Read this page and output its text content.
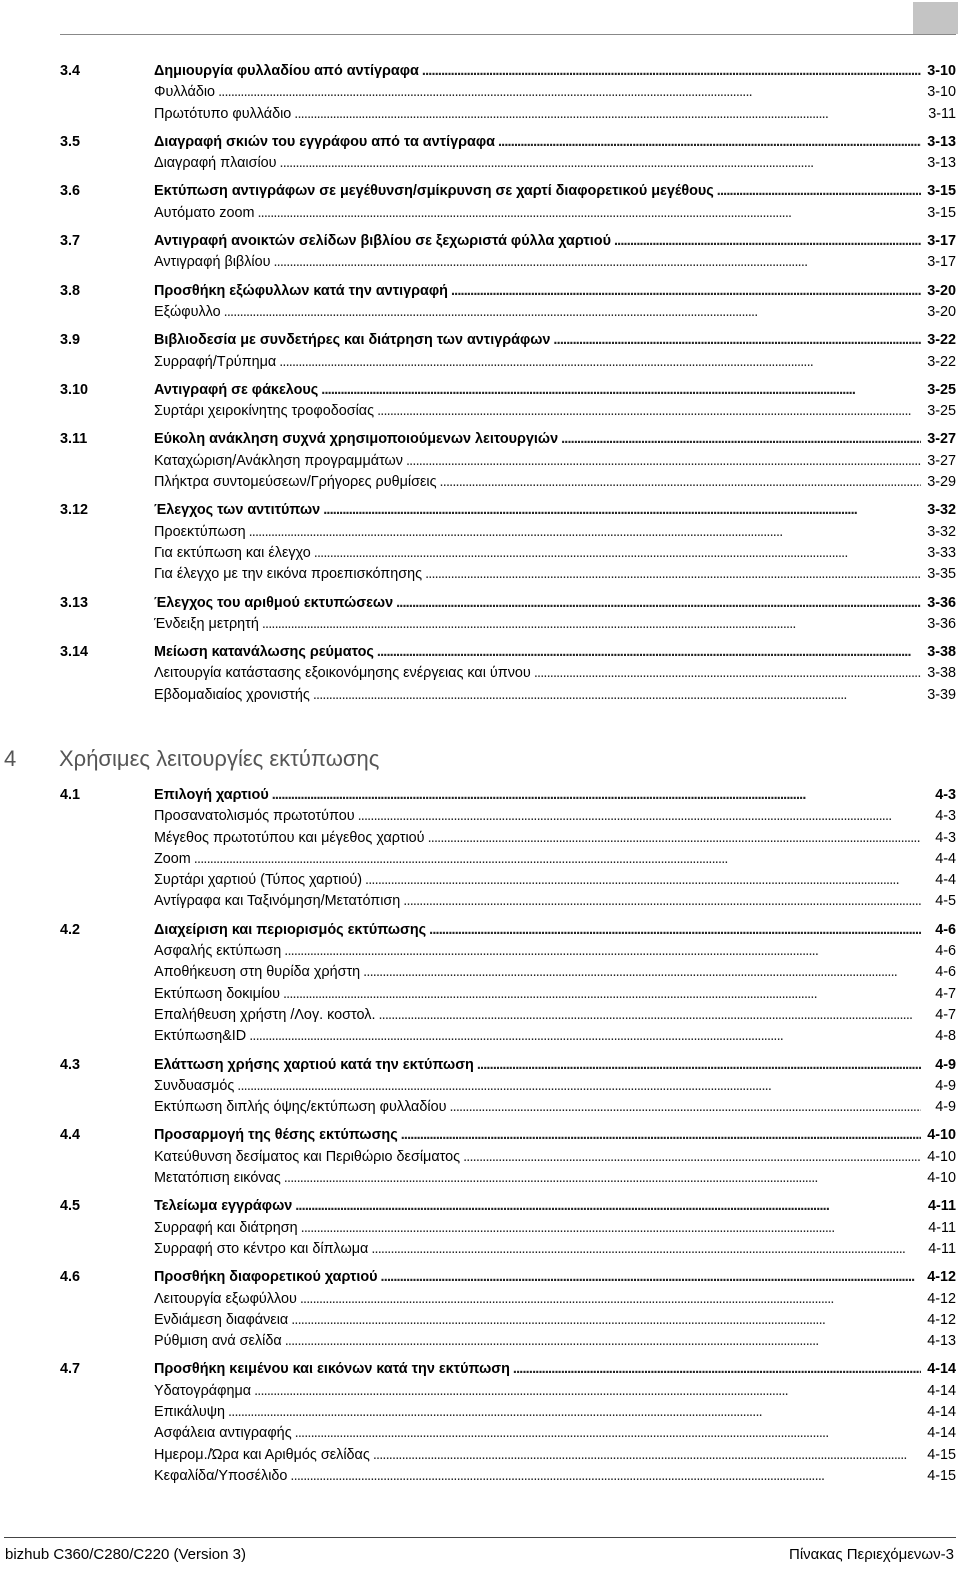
3.4	Δημιουργία φυλλαδίου από αντίγραφα . . .	3-10
Φυλλάδιο . . .	3-10
Πρωτότυπο φυλλάδιο . . .	3-11
3.5	Διαγραφή σκιών του εγγράφου από τα αντίγραφα . . .	3-13
Διαγραφή πλαισίου . . .	3-13
3.6	Εκτύπωση αντιγράφων σε μεγέθυνση/σμίκρυνση σε χαρτί διαφορετικού μεγέθους . . .	3-15
Αυτόματο zoom . . .	3-15
3.7	Αντιγραφή ανοικτών σελίδων βιβλίου σε ξεχωριστά φύλλα χαρτιού . . .	3-17
Αντιγραφή βιβλίου . . .	3-17
3.8	Προσθήκη εξώφυλλων κατά την αντιγραφή . . .	3-20
Εξώφυλλο . . .	3-20
3.9	Βιβλιοδεσία με συνδετήρες και διάτρηση των αντιγράφων . . .	3-22
Συρραφή/Τρύπημα . . .	3-22
3.10	Αντιγραφή σε φάκελους . . .	3-25
Συρτάρι χειροκίνητης τροφοδοσίας . . .	3-25
3.11	Εύκολη ανάκληση συχνά χρησιμοποιούμενων λειτουργιών . . .	3-27
Καταχώριση/Ανάκληση προγραμμάτων . . .	3-27
Πλήκτρα συντομεύσεων/Γρήγορες ρυθμίσεις . . .	3-29
3.12	Έλεγχος των αντιτύπων . . .	3-32
Προεκτύπωση . . .	3-32
Για εκτύπωση και έλεγχο . . .	3-33
Για έλεγχο με την εικόνα προεπισκόπησης . . .	3-35
3.13	Έλεγχος του αριθμού εκτυπώσεων . . .	3-36
Ένδειξη μετρητή . . .	3-36
3.14	Μείωση κατανάλωσης ρεύματος . . .	3-38
Λειτουργία κατάστασης εξοικονόμησης ενέργειας και ύπνου . . .	3-38
Εβδομαδιαίος χρονιστής . . .	3-39
4	Χρήσιμες λειτουργίες εκτύπωσης
4.1	Επιλογή χαρτιού . . .	4-3
Προσανατολισμός πρωτοτύπου . . .	4-3
Μέγεθος πρωτοτύπου και μέγεθος χαρτιού . . .	4-3
Zoom . . .	4-4
Συρτάρι χαρτιού (Τύπος χαρτιού) . . .	4-4
Αντίγραφα και Ταξινόμηση/Μετατόπιση . . .	4-5
4.2	Διαχείριση και περιορισμός εκτύπωσης . . .	4-6
Ασφαλής εκτύπωση . . .	4-6
Αποθήκευση στη θυρίδα χρήστη . . .	4-6
Εκτύπωση δοκιμίου . . .	4-7
Επαλήθευση χρήστη /Λογ. κοστολ. . . .	4-7
Εκτύπωση&ID . . .	4-8
4.3	Ελάττωση χρήσης χαρτιού κατά την εκτύπωση . . .	4-9
Συνδυασμός . . .	4-9
Εκτύπωση διπλής όψης/εκτύπωση φυλλαδίου . . .	4-9
4.4	Προσαρμογή της θέσης εκτύπωσης . . .	4-10
Κατεύθυνση δεσίματος και Περιθώριο δεσίματος . . .	4-10
Μετατόπιση εικόνας . . .	4-10
4.5	Τελείωμα εγγράφων . . .	4-11
Συρραφή και διάτρηση . . .	4-11
Συρραφή στο κέντρο και δίπλωμα . . .	4-11
4.6	Προσθήκη διαφορετικού χαρτιού . . .	4-12
Λειτουργία εξωφύλλου . . .	4-12
Ενδιάμεση διαφάνεια . . .	4-12
Ρύθμιση ανά σελίδα . . .	4-13
4.7	Προσθήκη κειμένου και εικόνων κατά την εκτύπωση . . .	4-14
Υδατογράφημα . . .	4-14
Επικάλυψη . . .	4-14
Ασφάλεια αντιγραφής . . .	4-14
Ημερομ./Ώρα και Αριθμός σελίδας . . .	4-15
Κεφαλίδα/Υποσέλιδο . . .	4-15
bizhub C360/C280/C220 (Version 3)	Πίνακας Περιεχόμενων-3
